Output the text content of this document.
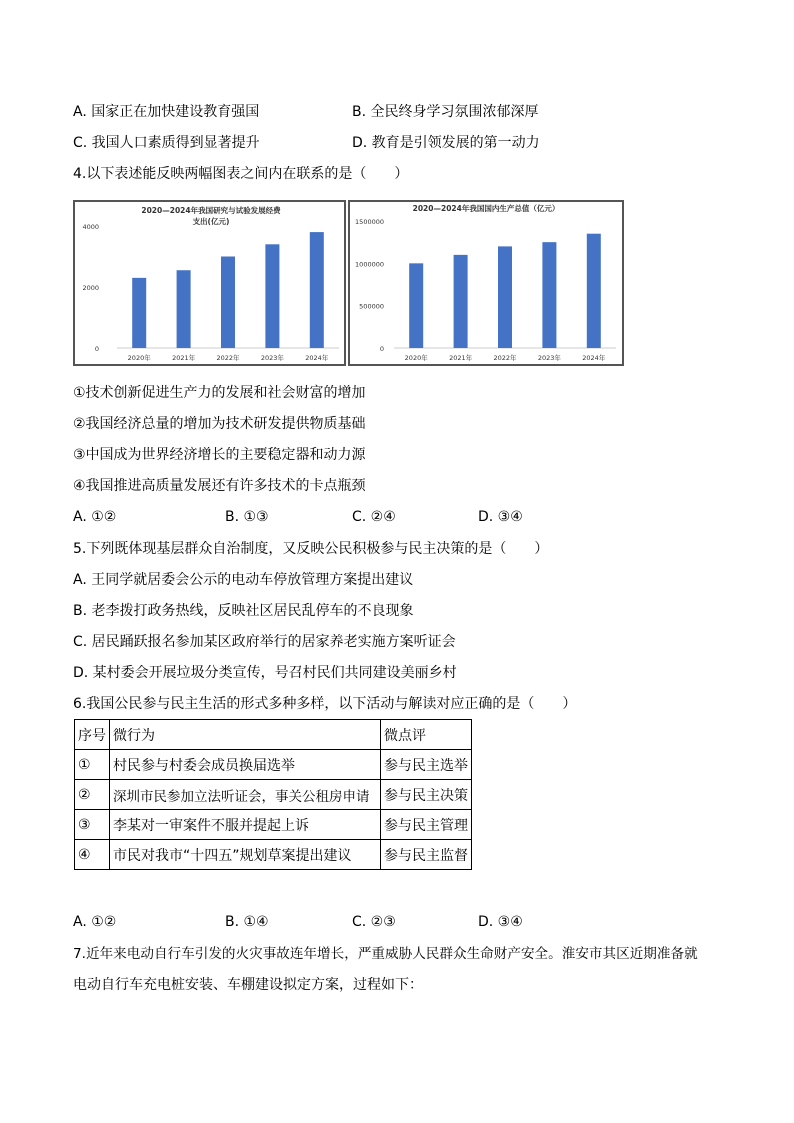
A. 国家正在加快建设教育强国	B. 全民终身学习氛围浓郁深厚
C. 我国人口素质得到显著提升	D. 教育是引领发展的第一动力
4.以下表述能反映两幅图表之间内在联系的是（　　）
2020—2024年我国研究与试验发展经费
支出(亿元)
4000
2000
0
2020年	2021年	2022年	2023年	2024年
2020—2024年我国国内生产总值（亿元）
1500000
1000000
500000
0
2020年	2021年	2022年	2023年	2024年
①技术创新促进生产力的发展和社会财富的增加
②我国经济总量的增加为技术研发提供物质基础
③中国成为世界经济增长的主要稳定器和动力源
④我国推进高质量发展还有许多技术的卡点瓶颈
A. ①②	B. ①③	C. ②④	D. ③④
5.下列既体现基层群众自治制度，又反映公民积极参与民主决策的是（　　）
A. 王同学就居委会公示的电动车停放管理方案提出建议
B. 老李拨打政务热线，反映社区居民乱停车的不良现象
C. 居民踊跃报名参加某区政府举行的居家养老实施方案听证会
D. 某村委会开展垃圾分类宣传，号召村民们共同建设美丽乡村
6.我国公民参与民主生活的形式多种多样，以下活动与解读对应正确的是（　　）
序号	微行为	微点评
①	村民参与村委会成员换届选举	参与民主选举
②	深圳市民参加立法听证会，事关公租房申请	参与民主决策
③	李某对一审案件不服并提起上诉	参与民主管理
④	市民对我市“十四五”规划草案提出建议	参与民主监督
A. ①②	B. ①④	C. ②③	D. ③④
7.近年来电动自行车引发的火灾事故连年增长，严重威胁人民群众生命财产安全。淮安市其区近期准备就
电动自行车充电桩安装、车棚建设拟定方案，过程如下：
